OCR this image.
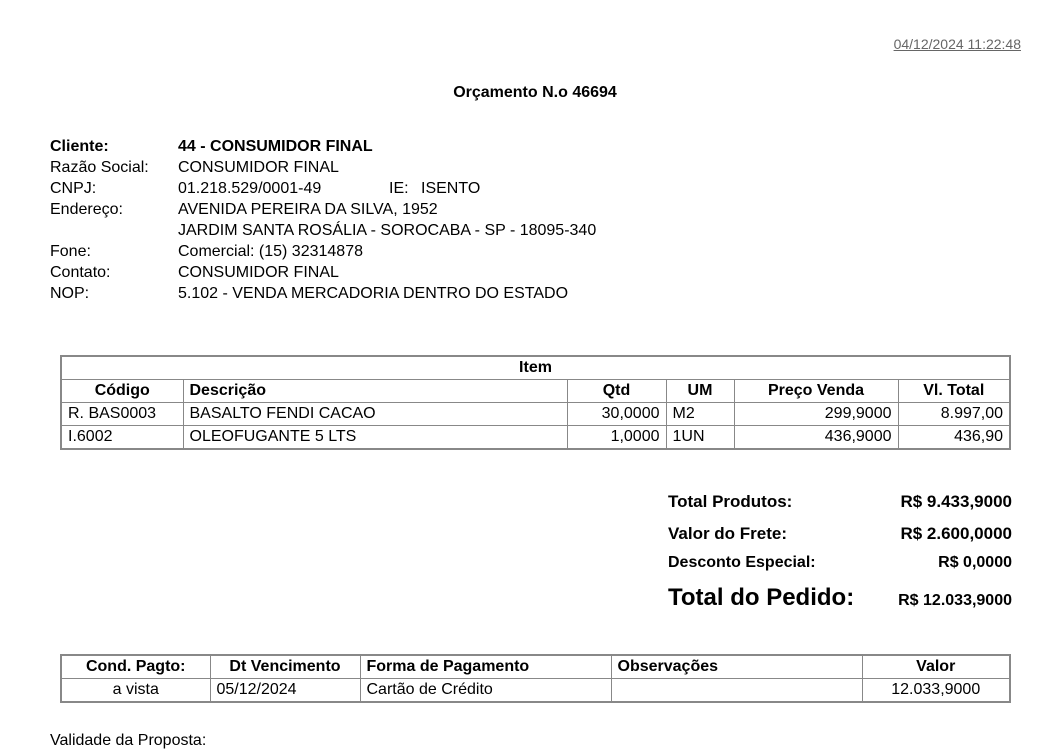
04/12/2024 11:22:48
Orçamento N.o 46694
Cliente:	44 - CONSUMIDOR FINAL
Razão Social:	CONSUMIDOR FINAL
CNPJ:	01.218.529/0001-49	IE: ISENTO
Endereço:	AVENIDA PEREIRA DA SILVA, 1952
JARDIM SANTA ROSÁLIA - SOROCABA - SP - 18095-340
Fone:	Comercial: (15) 32314878
Contato:	CONSUMIDOR FINAL
NOP:	5.102 - VENDA MERCADORIA DENTRO DO ESTADO
Item					
Código	Descrição	Qtd	UM	Preço Venda	Vl. Total
R. BAS0003	BASALTO FENDI CACAO	30,0000	M2	299,9000	8.997,00
I.6002	OLEOFUGANTE 5 LTS	1,0000	1UN	436,9000	436,90
Total Produtos:	R$ 9.433,9000
Valor do Frete:	R$ 2.600,0000
Desconto Especial:	R$ 0,0000
Total do Pedido:	R$ 12.033,9000
Cond. Pagto:	Dt Vencimento	Forma de Pagamento	Observações	Valor
a vista	05/12/2024	Cartão de Crédito		12.033,9000
Validade da Proposta:
